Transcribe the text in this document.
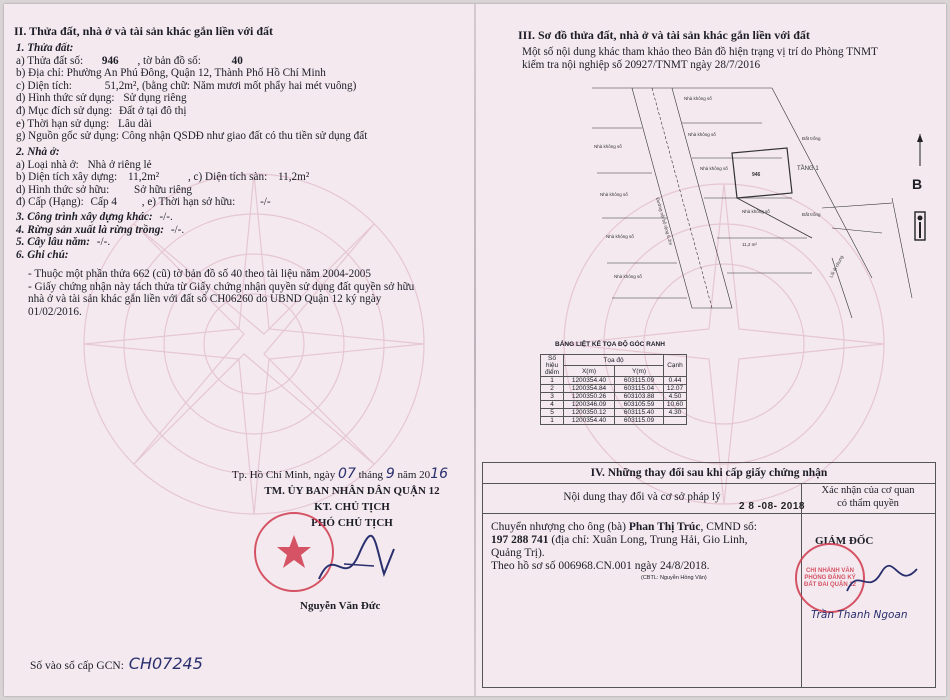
II. Thửa đất, nhà ở và tài sản khác gắn liền với đất
1. Thửa đất:
a) Thửa đất số: 946 , tờ bản đồ số:	40
b) Địa chỉ: Phường An Phú Đông, Quận 12, Thành Phố Hồ Chí Minh
c) Diện tích:	51,2m², (bằng chữ: Năm mươi mốt phẩy hai mét vuông)
d) Hình thức sử dụng: Sử dụng riêng
đ) Mục đích sử dụng: Đất ở tại đô thị
e) Thời hạn sử dụng: Lâu dài
g) Nguồn gốc sử dụng: Công nhận QSDĐ như giao đất có thu tiền sử dụng đất
2. Nhà ở:
a) Loại nhà ở: Nhà ở riêng lẻ
b) Diện tích xây dựng: 11,2m²	, c) Diện tích sàn: 11,2m²
d) Hình thức sở hữu: Sở hữu riêng
đ) Cấp (Hạng): Cấp 4 , e) Thời hạn sở hữu: -/-
3. Công trình xây dựng khác: -/-.
4. Rừng sản xuất là rừng trồng: -/-.
5. Cây lâu năm: -/-.
6. Ghi chú:
- Thuộc một phần thửa 662 (cũ) tờ bản đồ số 40 theo tài liệu năm 2004-2005
- Giấy chứng nhận này tách thửa từ Giấy chứng nhận quyền sử dụng đất quyền sở hữu
nhà ở và tài sản khác gắn liền với đất số CH06260 do UBND Quận 12 ký ngày
01/02/2016.
Tp. Hồ Chí Minh, ngày 07 tháng 9 năm 2016
TM. ỦY BAN NHÂN DÂN QUẬN 12
KT. CHỦ TỊCH
PHÓ CHỦ TỊCH
Nguyễn Văn Đức
Số vào sổ cấp GCN: CH07245
III. Sơ đồ thửa đất, nhà ở và tài sản khác gắn liền với đất
Một số nội dung khác tham khảo theo Bản đồ hiện trạng vị trí do Phòng TNMT
kiểm tra nội nghiệp số 20927/TNMT ngày 28/7/2016
Nhà không số
Nhà không số
Nhà không số
Nhà không số
Nhà không số
Nhà không số
Nhà không số
Nhà không số
Đất trống
Đất trống
TẦNG 1
946
11,2 m²
Đường nội bộ rộng 6,2m
Lối đi chung
B
BẢNG LIỆT KÊ TỌA ĐỘ GÓC RANH
Số hiệu điểm	Tọa độ		Cạnh
	X(m)	Y(m)	
1	1200354.40	603115.09	0.44
2	1200354.84	603115.04	12.07
3	1200350.26	603103.88	4.50
4	1200346.09	603105.59	10.60
5	1200350.12	603115.40	4.30
1	1200354.40	603115.09	
IV. Những thay đổi sau khi cấp giấy chứng nhận
Nội dung thay đổi và cơ sở pháp lý
Xác nhận của cơ quan
có thẩm quyền
2 8 -08- 2018
Chuyển nhượng cho ông (bà) Phan Thị Trúc, CMND số:
197 288 741 (địa chỉ: Xuân Long, Trung Hải, Gio Linh,
Quảng Trị).
Theo hồ sơ số 006968.CN.001 ngày 24/8/2018.
(CBTL: Nguyễn Hồng Vân)
GIÁM ĐỐC
CHI NHÁNH VĂN PHÒNG ĐĂNG KÝ ĐẤT ĐAI QUẬN 12
Trần Thanh Ngoan
